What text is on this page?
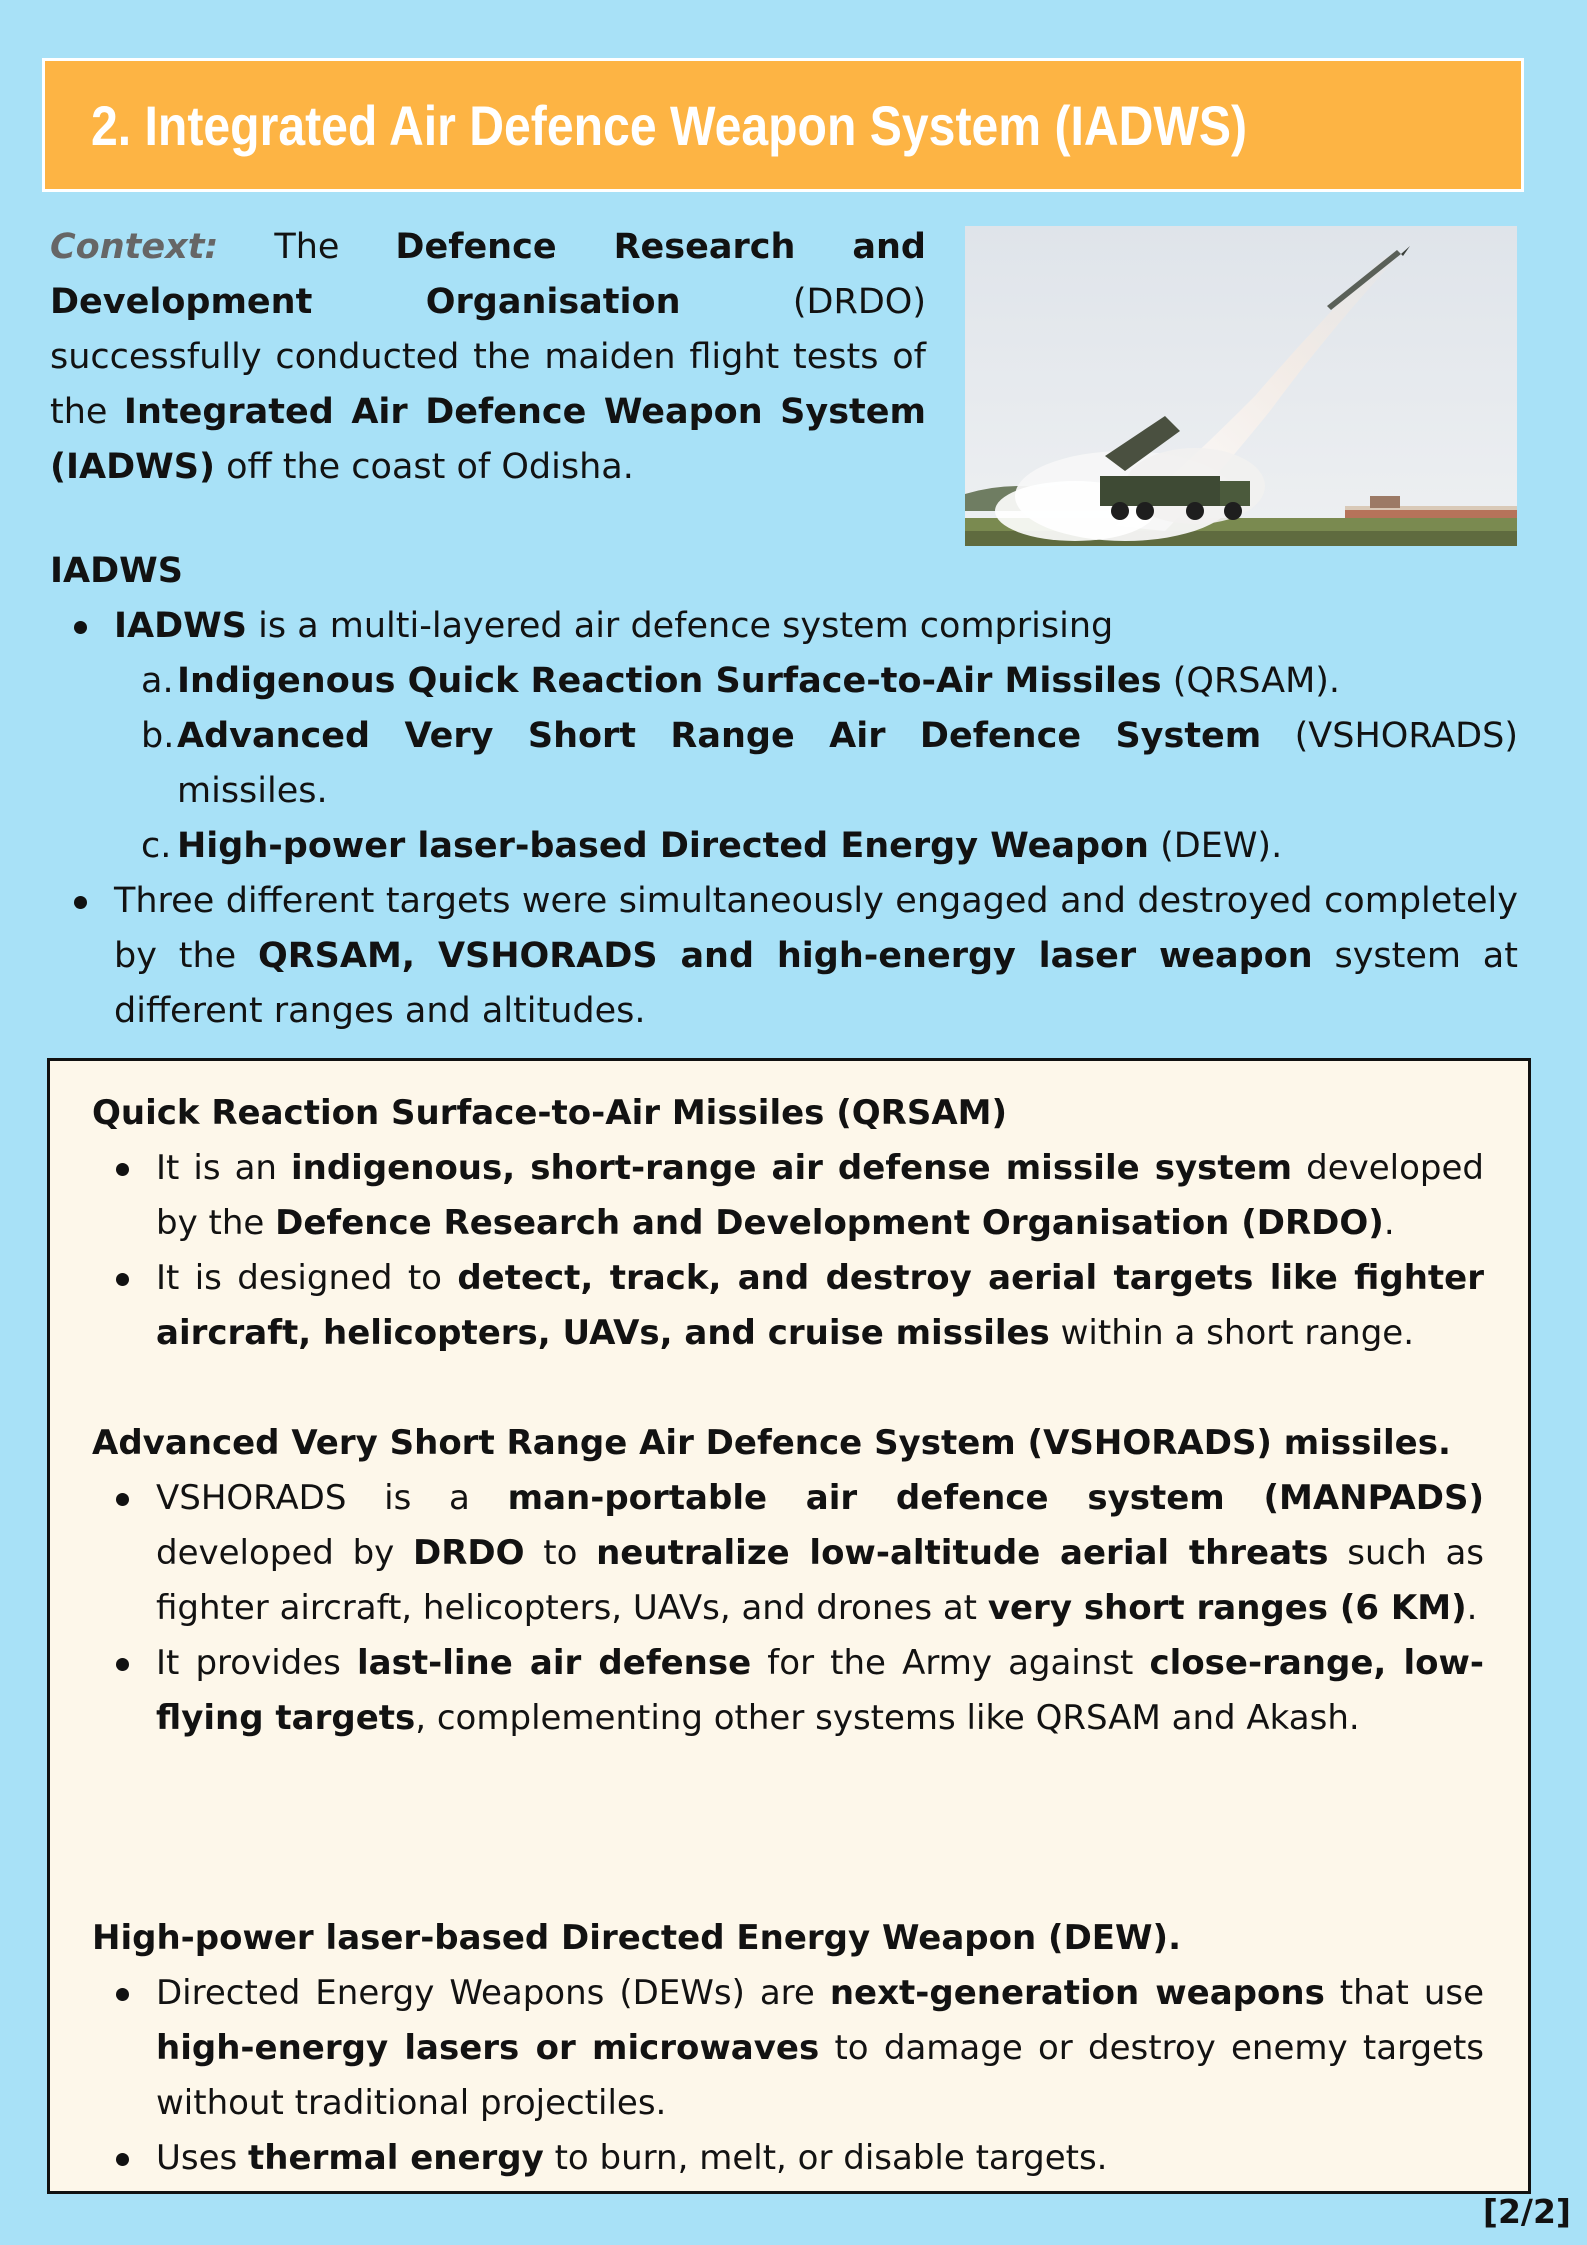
2. Integrated Air Defence Weapon System (IADWS)

Context: The Defence Research and Development Organisation (DRDO) successfully conducted the maiden flight tests of the Integrated Air Defence Weapon System (IADWS) off the coast of Odisha.

IADWS

IADWS is a multi-layered air defence system comprising
a. Indigenous Quick Reaction Surface-to-Air Missiles (QRSAM).
b. Advanced Very Short Range Air Defence System (VSHORADS) missiles.
c. High-power laser-based Directed Energy Weapon (DEW).
Three different targets were simultaneously engaged and destroyed completely by the QRSAM, VSHORADS and high-energy laser weapon system at different ranges and altitudes.
Quick Reaction Surface-to-Air Missiles (QRSAM)
It is an indigenous, short-range air defense missile system developed by the Defence Research and Development Organisation (DRDO).
It is designed to detect, track, and destroy aerial targets like fighter aircraft, helicopters, UAVs, and cruise missiles within a short range.
Advanced Very Short Range Air Defence System (VSHORADS) missiles.
VSHORADS is a man-portable air defence system (MANPADS) developed by DRDO to neutralize low-altitude aerial threats such as fighter aircraft, helicopters, UAVs, and drones at very short ranges (6 KM).
It provides last-line air defense for the Army against close-range, low-flying targets, complementing other systems like QRSAM and Akash.
High-power laser-based Directed Energy Weapon (DEW).
Directed Energy Weapons (DEWs) are next-generation weapons that use high-energy lasers or microwaves to damage or destroy enemy targets without traditional projectiles.
Uses thermal energy to burn, melt, or disable targets.
[2/2]
